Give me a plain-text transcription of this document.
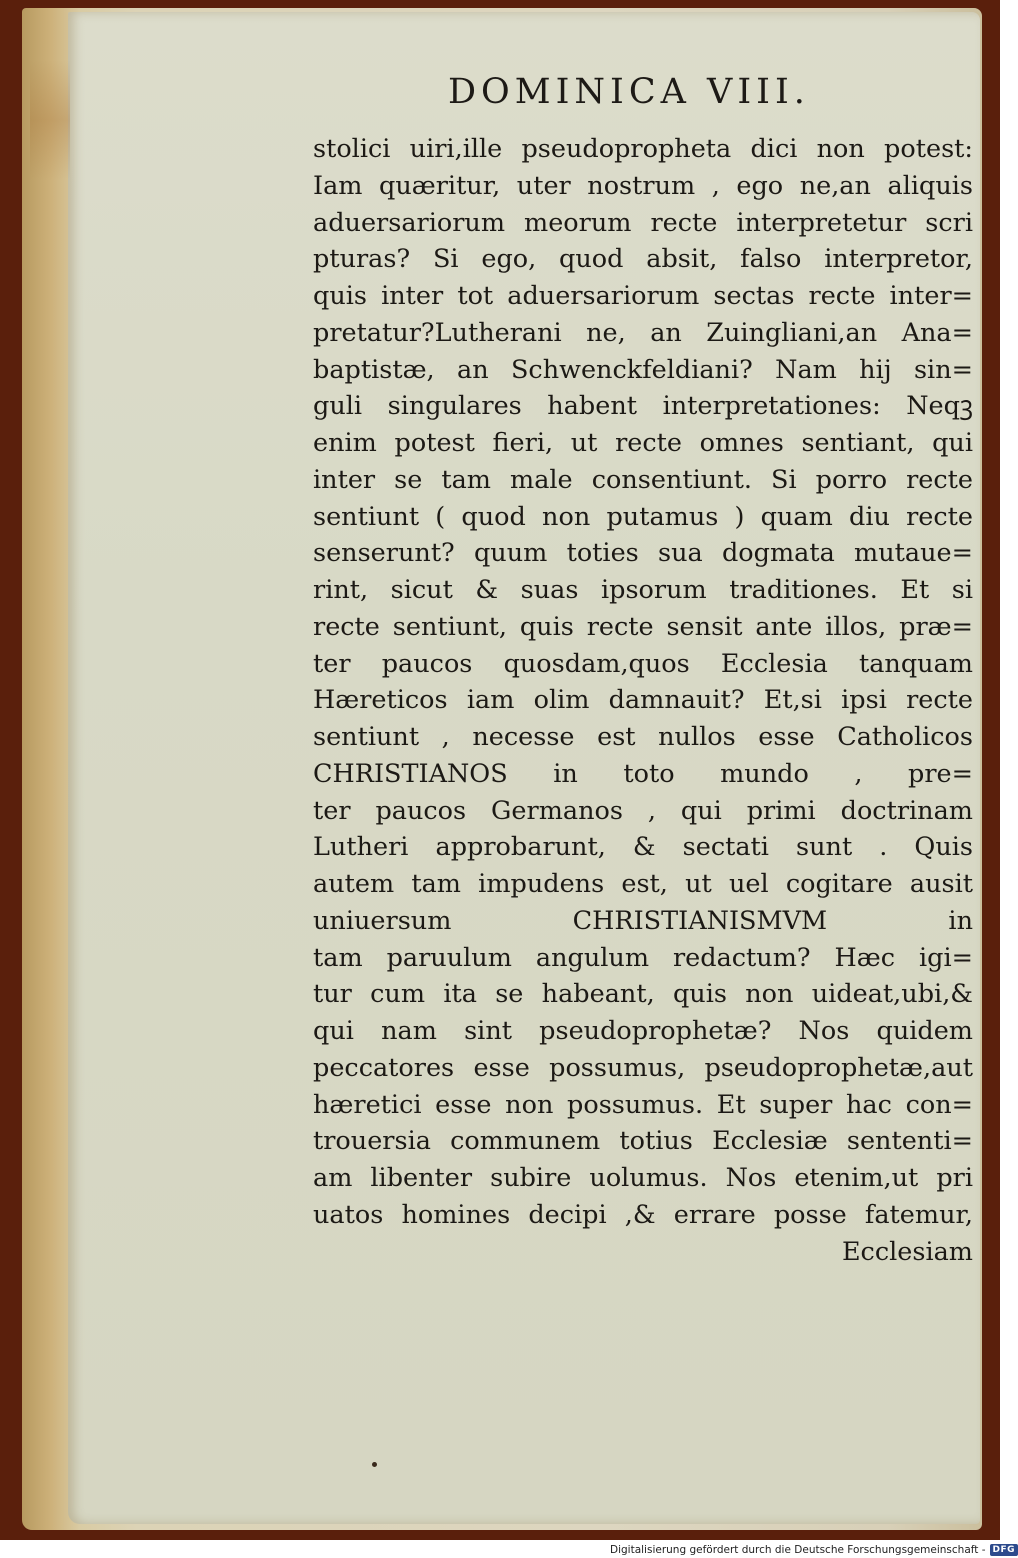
DOMINICA VIII.
stolici uiri,ille pseudopropheta dici non potest:
Iam quæritur, uter nostrum , ego ne,an aliquis
aduersariorum meorum recte interpretetur scri
pturas? Si ego, quod absit, falso interpretor,
quis inter tot aduersariorum sectas recte inter=
pretatur?Lutherani ne, an Zuingliani,an Ana=
baptistæ, an Schwenckfeldiani? Nam hij sin=
guli singulares habent interpretationes: Neqꝫ
enim potest fieri, ut recte omnes sentiant, qui
inter se tam male consentiunt. Si porro recte
sentiunt ( quod non putamus ) quam diu recte
senserunt? quum toties sua dogmata mutaue=
rint, sicut & suas ipsorum traditiones. Et si
recte sentiunt, quis recte sensit ante illos, præ=
ter paucos quosdam,quos Ecclesia tanquam
Hæreticos iam olim damnauit? Et,si ipsi recte
sentiunt , necesse est nullos esse Catholicos
CHRISTIANOS in toto mundo , pre=
ter paucos Germanos , qui primi doctrinam
Lutheri approbarunt, & sectati sunt . Quis
autem tam impudens est, ut uel cogitare ausit
uniuersum CHRISTIANISMVM in
tam paruulum angulum redactum? Hæc igi=
tur cum ita se habeant, quis non uideat,ubi,&
qui nam sint pseudoprophetæ? Nos quidem
peccatores esse possumus, pseudoprophetæ,aut
hæretici esse non possumus. Et super hac con=
trouersia communem totius Ecclesiæ sententi=
am libenter subire uolumus. Nos etenim,ut pri
uatos homines decipi ,& errare posse fatemur,
Ecclesiam
Digitalisierung gefördert durch die Deutsche Forschungsgemeinschaft - DFG
